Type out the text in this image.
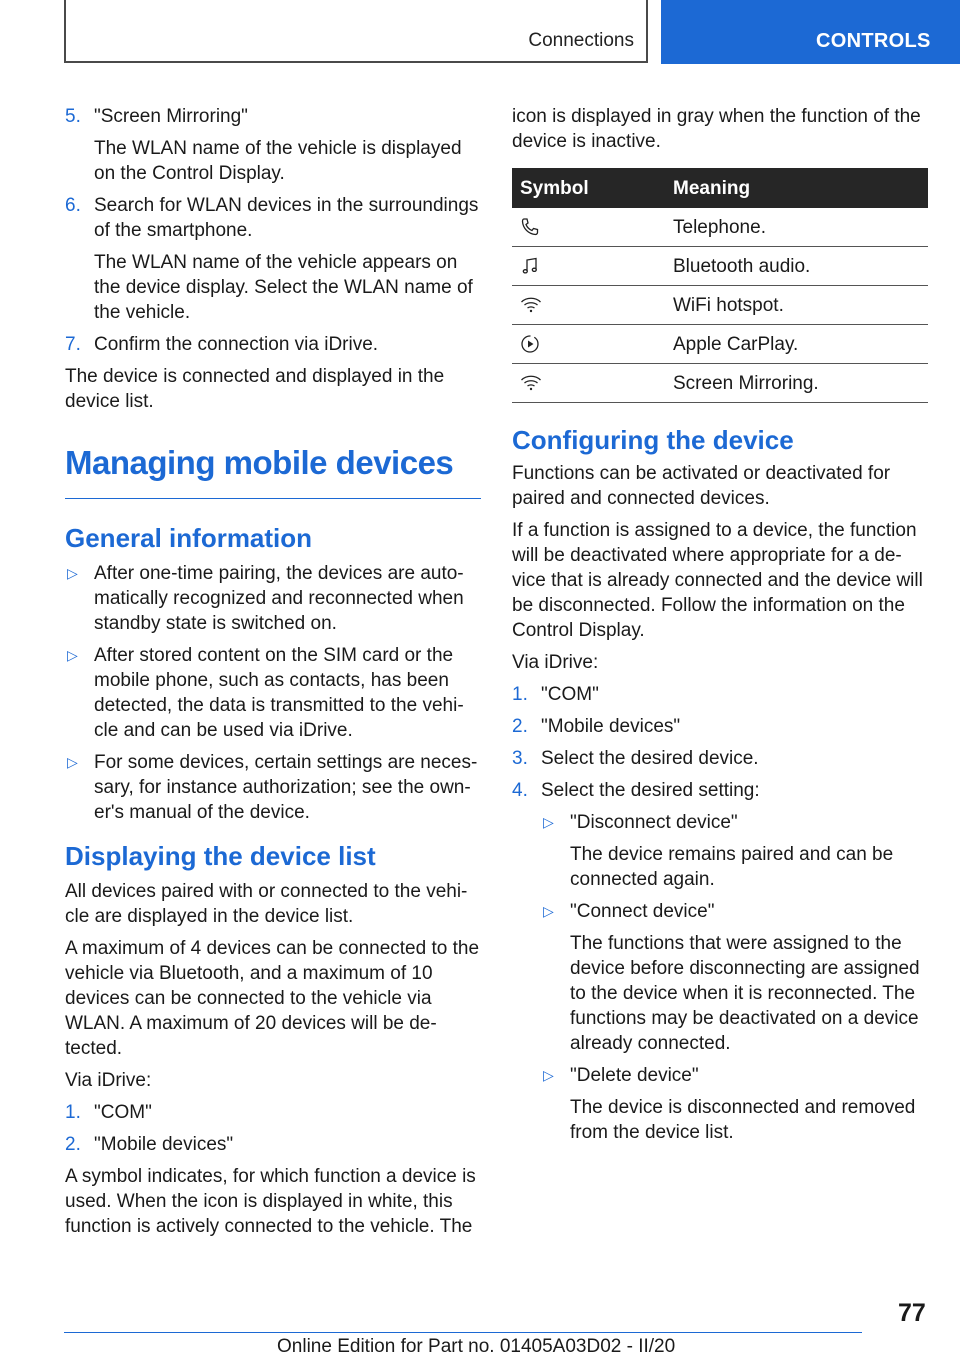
Connections	CONTROLS
5. "Screen Mirroring"

The WLAN name of the vehicle is displayed on the Control Display.

6. Search for WLAN devices in the surroundings of the smartphone.

The WLAN name of the vehicle appears on the device display. Select the WLAN name of the vehicle.

7. Confirm the connection via iDrive.

The device is connected and displayed in the device list.

Managing mobile devices
General information
▷ After one-time pairing, the devices are auto‐matically recognized and reconnected when standby state is switched on.
▷ After stored content on the SIM card or the mobile phone, such as contacts, has been detected, the data is transmitted to the vehi‐cle and can be used via iDrive.
▷ For some devices, certain settings are neces‐sary, for instance authorization; see the own‐er's manual of the device.
Displaying the device list

All devices paired with or connected to the vehi‐cle are displayed in the device list.

A maximum of 4 devices can be connected to the vehicle via Bluetooth, and a maximum of 10 devices can be connected to the vehicle via WLAN. A maximum of 20 devices will be de‐tected.

Via iDrive:

1. "COM"
2. "Mobile devices"

A symbol indicates, for which function a device is used. When the icon is displayed in white, this function is actively connected to the vehicle. The

icon is displayed in gray when the function of the device is inactive.

Symbol	Meaning

	Telephone.

	Bluetooth audio.

	WiFi hotspot.

	Apple CarPlay.

	Screen Mirroring.
Configuring the device

Functions can be activated or deactivated for paired and connected devices.

If a function is assigned to a device, the function will be deactivated where appropriate for a de‐vice that is already connected and the device will be disconnected. Follow the information on the Control Display.

Via iDrive:

1. "COM"
2. "Mobile devices"
3. Select the desired device.
4. Select the desired setting:
▷ "Disconnect device"

The device remains paired and can be connected again.

▷ "Connect device"

The functions that were assigned to the device before disconnecting are assigned to the device when it is reconnected. The functions may be deactivated on a device already connected.

▷ "Delete device"

The device is disconnected and removed from the device list.

77
Online Edition for Part no. 01405A03D02 - II/20
